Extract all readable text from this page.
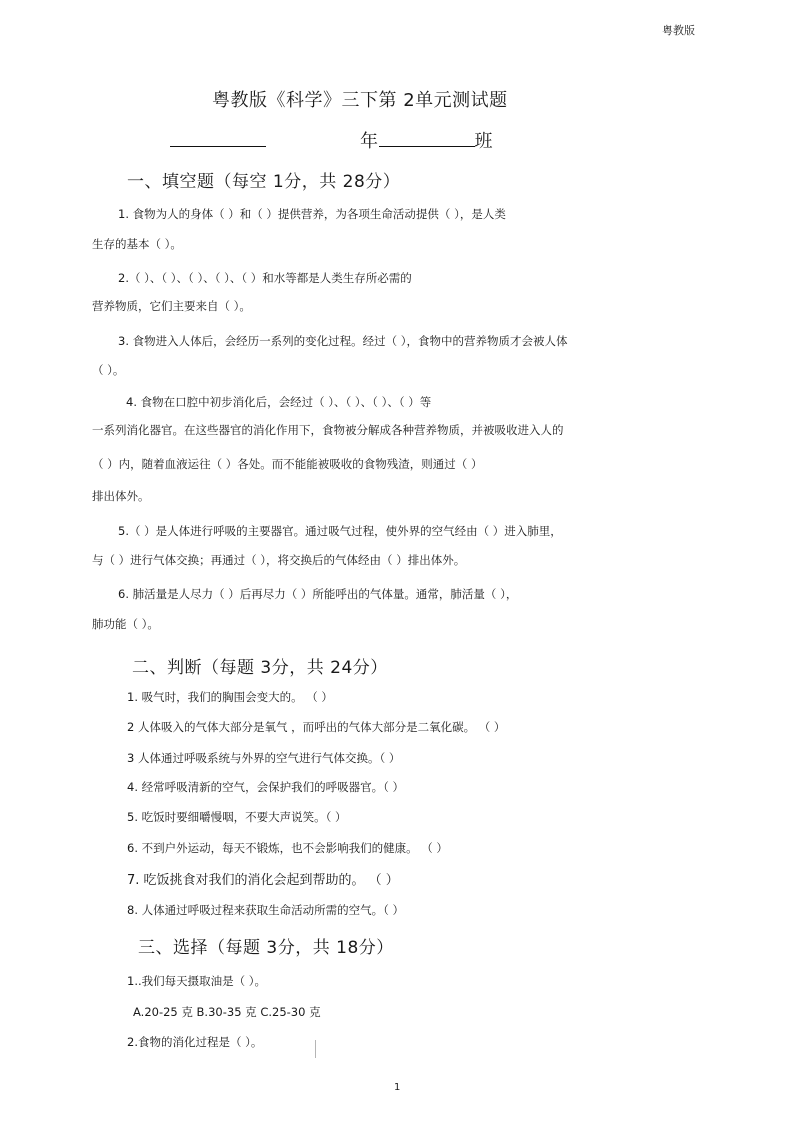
粤教版
粤教版《科学》三下第 2单元测试题
年	班
一、填空题（每空 1分，共 28分）
1. 食物为人的身体（ ）和（ ）提供营养，为各项生命活动提供（ ），是人类
生存的基本（ ）。
2.（ ）、（ ）、（ ）、（ ）、（ ）和水等都是人类生存所必需的
营养物质，它们主要来自（ ）。
3. 食物进入人体后，会经历一系列的变化过程。经过（ ），食物中的营养物质才会被人体
（ ）。
4. 食物在口腔中初步消化后，会经过（ ）、（ ）、（ ）、（ ）等
一系列消化器官。在这些器官的消化作用下，食物被分解成各种营养物质，并被吸收进入人的
（ ）内，随着血液运往（ ）各处。而不能能被吸收的食物残渣，则通过（ ）
排出体外。
5.（ ）是人体进行呼吸的主要器官。通过吸气过程，使外界的空气经由（ ）进入肺里，
与（ ）进行气体交换；再通过（ ），将交换后的气体经由（ ）排出体外。
6. 肺活量是人尽力（ ）后再尽力（ ）所能呼出的气体量。通常，肺活量（ ），
肺功能（ ）。
二、判断（每题 3分，共 24分）
1. 吸气时，我们的胸围会变大的。 （ ）
2 人体吸入的气体大部分是氧气 ，而呼出的气体大部分是二氧化碳。 （ ）
3 人体通过呼吸系统与外界的空气进行气体交换。（ ）
4. 经常呼吸清新的空气，会保护我们的呼吸器官。（ ）
5. 吃饭时要细嚼慢咽，不要大声说笑。（ ）
6. 不到户外运动，每天不锻炼，也不会影响我们的健康。 （ ）
7. 吃饭挑食对我们的消化会起到帮助的。 （ ）
8. 人体通过呼吸过程来获取生命活动所需的空气。（ ）
三、选择（每题 3分，共 18分）
1..我们每天摄取油是（ ）。
A.20-25 克 B.30-35 克 C.25-30 克
2.食物的消化过程是（ ）。
1
